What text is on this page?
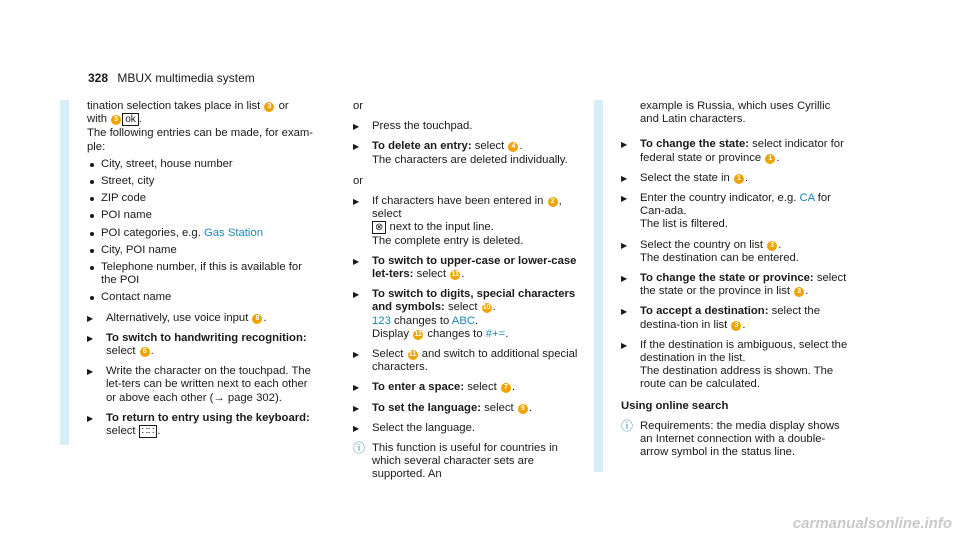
328 MBUX multimedia system

tination selection takes place in list 3 or
with 5 ok .

The following entries can be made, for exam-ple:

City, street, house number
Street, city
ZIP code
POI name
POI categories, e.g. Gas Station
City, POI name
Telephone number, if this is available for the POI
Contact name
▶ Alternatively, use voice input 8 .
▶ To switch to handwriting recognition:
select 6 .
▶ Write the character on the touchpad. The let-ters can be written next to each other or above each other (→ page 302).
▶ To return to entry using the keyboard:
select ∷∷ .

or

▶ Press the touchpad.
▶ To delete an entry: select 4 .
The characters are deleted individually.

or

▶ If characters have been entered in 2 , select
⊗ next to the input line.
The complete entry is deleted.
▶ To switch to upper-case or lower-case let-ters: select 11 .
▶ To switch to digits, special characters and symbols: select 10 .
123 changes to ABC.
Display 11 changes to #+=.
▶ Select 11 and switch to additional special characters.
▶ To enter a space: select 7 .
▶ To set the language: select 9 .
▶ Select the language.
ⓘ This function is useful for countries in which several character sets are supported. An

example is Russia, which uses Cyrillic and Latin characters.

▶ To change the state: select indicator for federal state or province 1 .
▶ Select the state in 1 .
▶ Enter the country indicator, e.g. CA for Can-ada.
The list is filtered.
▶ Select the country on list 3 .
The destination can be entered.
▶ To change the state or province: select the state or the province in list 3 .
▶ To accept a destination: select the destina-tion in list 3 .
▶ If the destination is ambiguous, select the destination in the list.
The destination address is shown. The route can be calculated.

Using online search

ⓘ Requirements: the media display shows an Internet connection with a double-arrow symbol in the status line.
carmanualsonline.info
